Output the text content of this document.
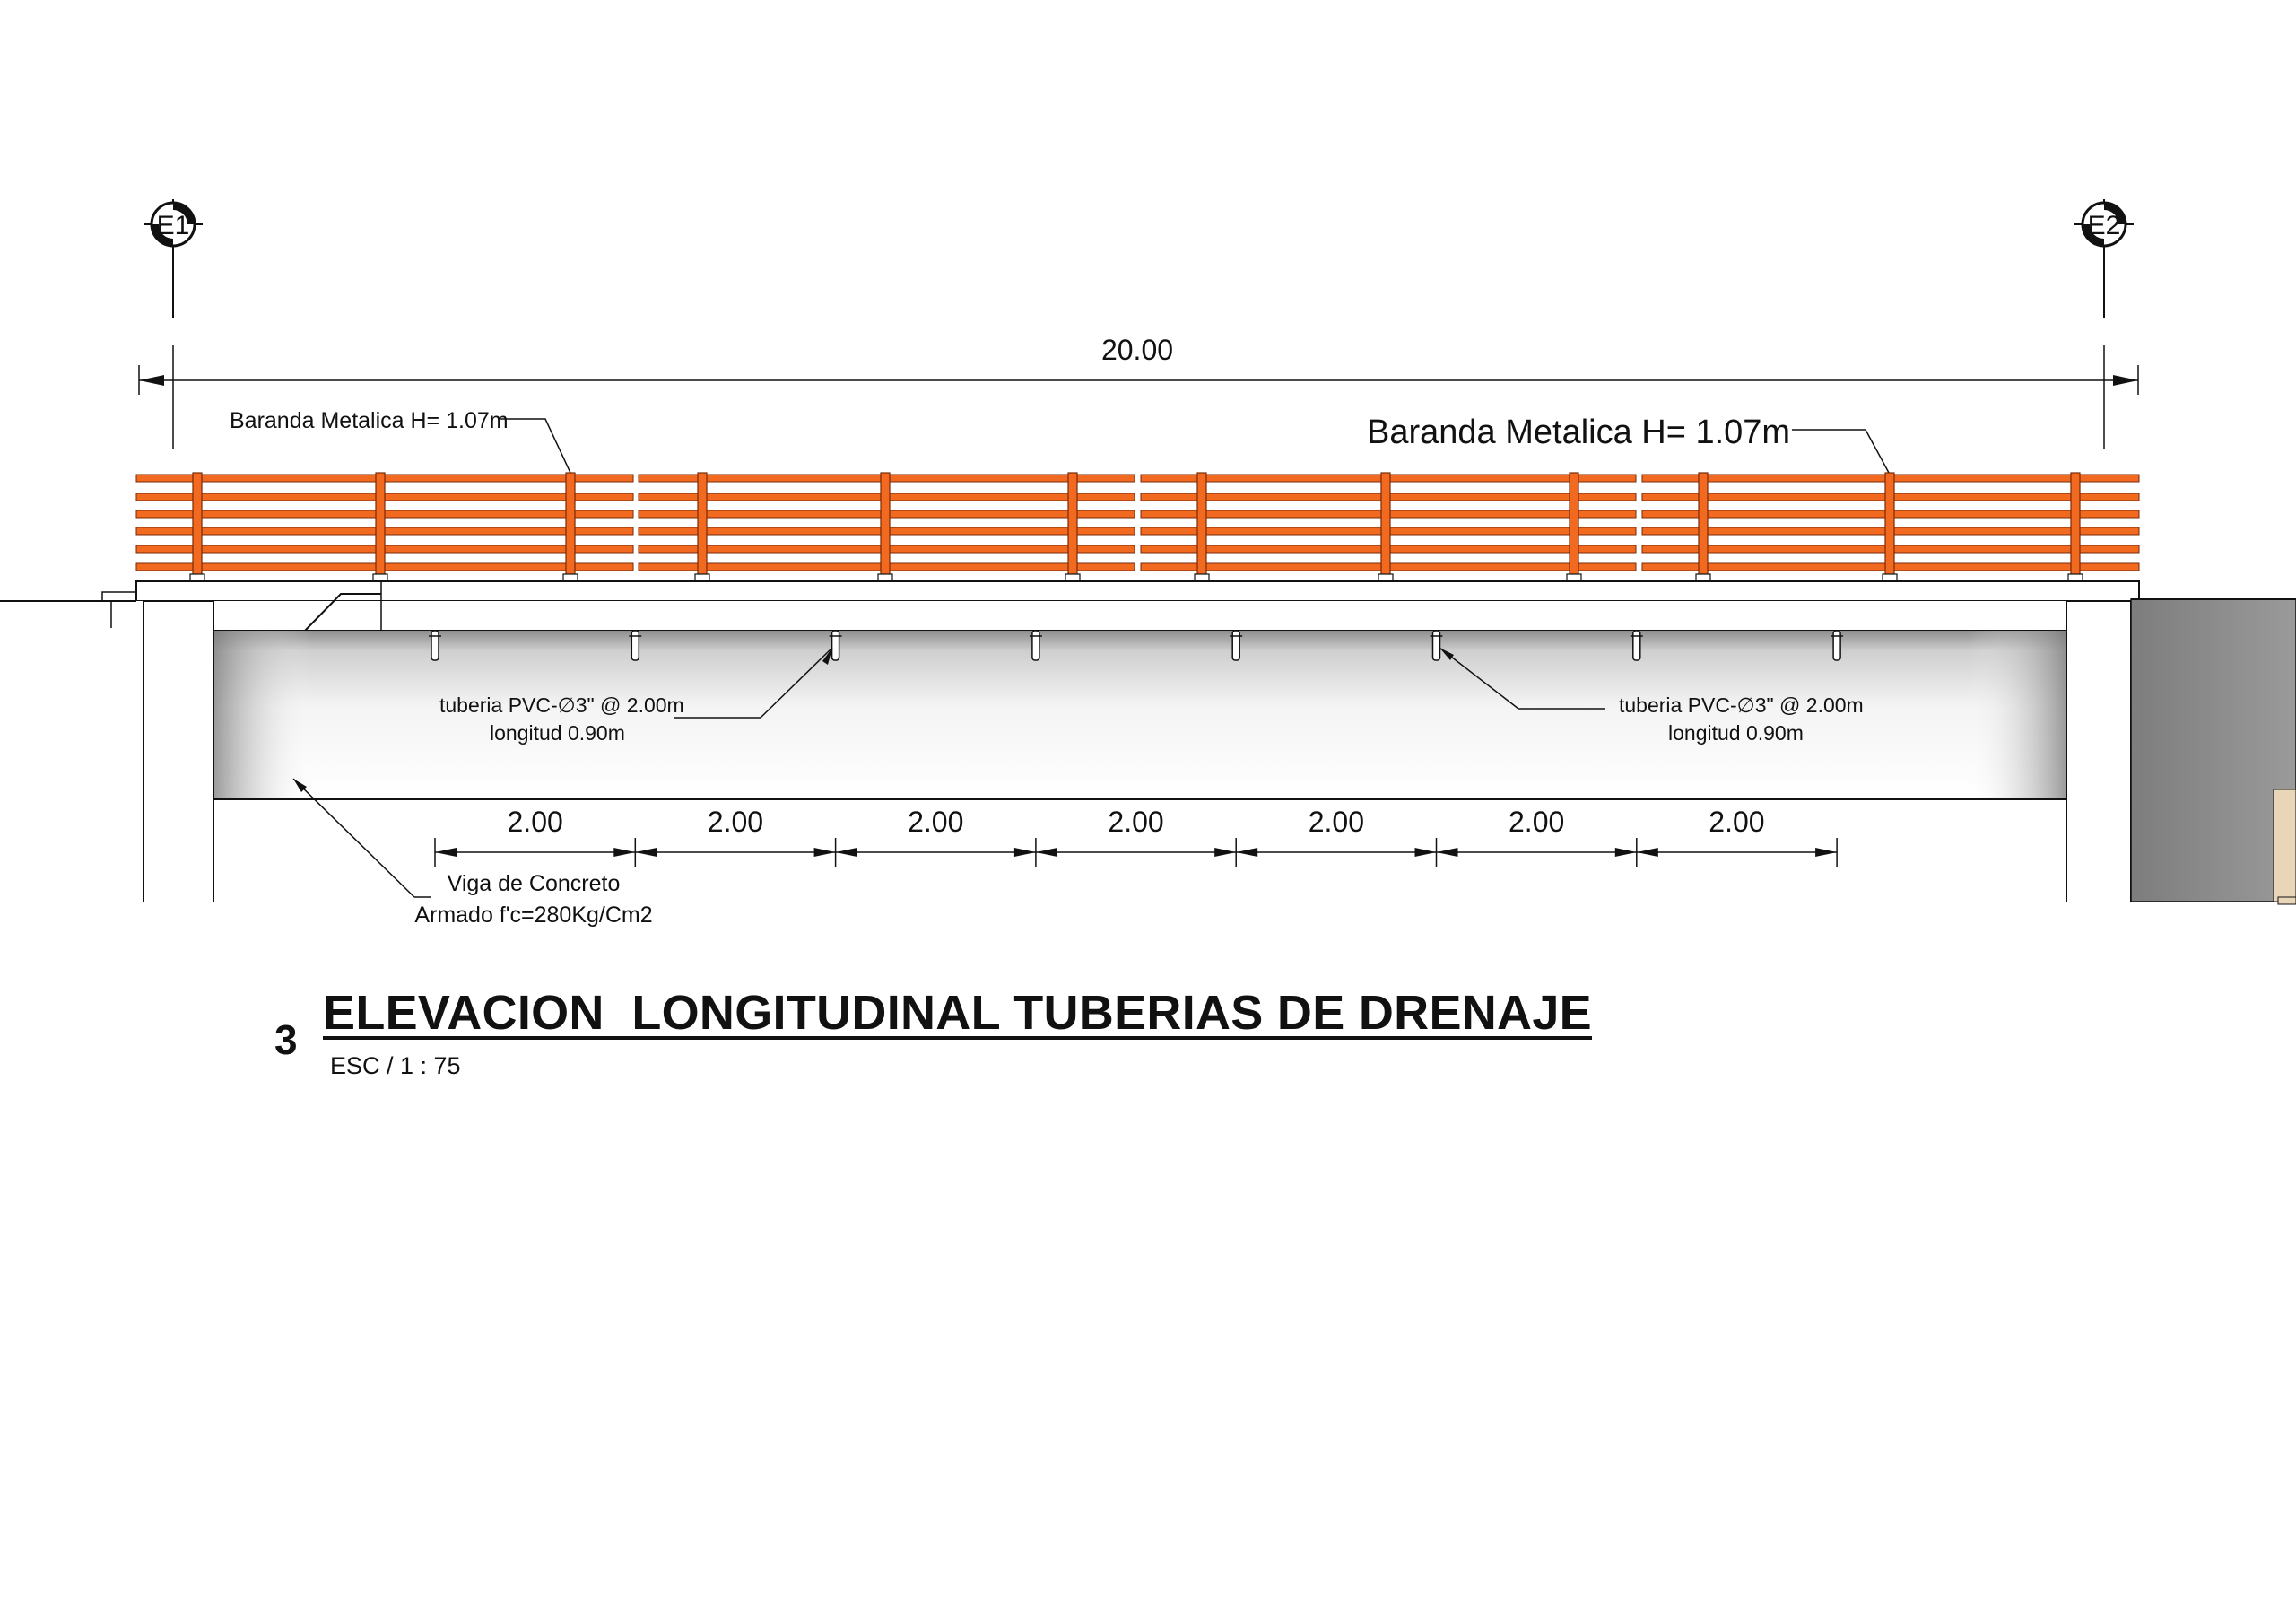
E1	E2
20.00
Baranda Metalica H= 1.07m	Baranda Metalica H= 1.07m
tuberia PVC-∅3" @ 2.00m
longitud 0.90m
tuberia PVC-∅3" @ 2.00m
longitud 0.90m
2.00	2.00	2.00	2.00	2.00	2.00	2.00
Viga de Concreto
Armado f'c=280Kg/Cm2
3 ELEVACION  LONGITUDINAL TUBERIAS DE DRENAJE
ESC / 1 : 75
